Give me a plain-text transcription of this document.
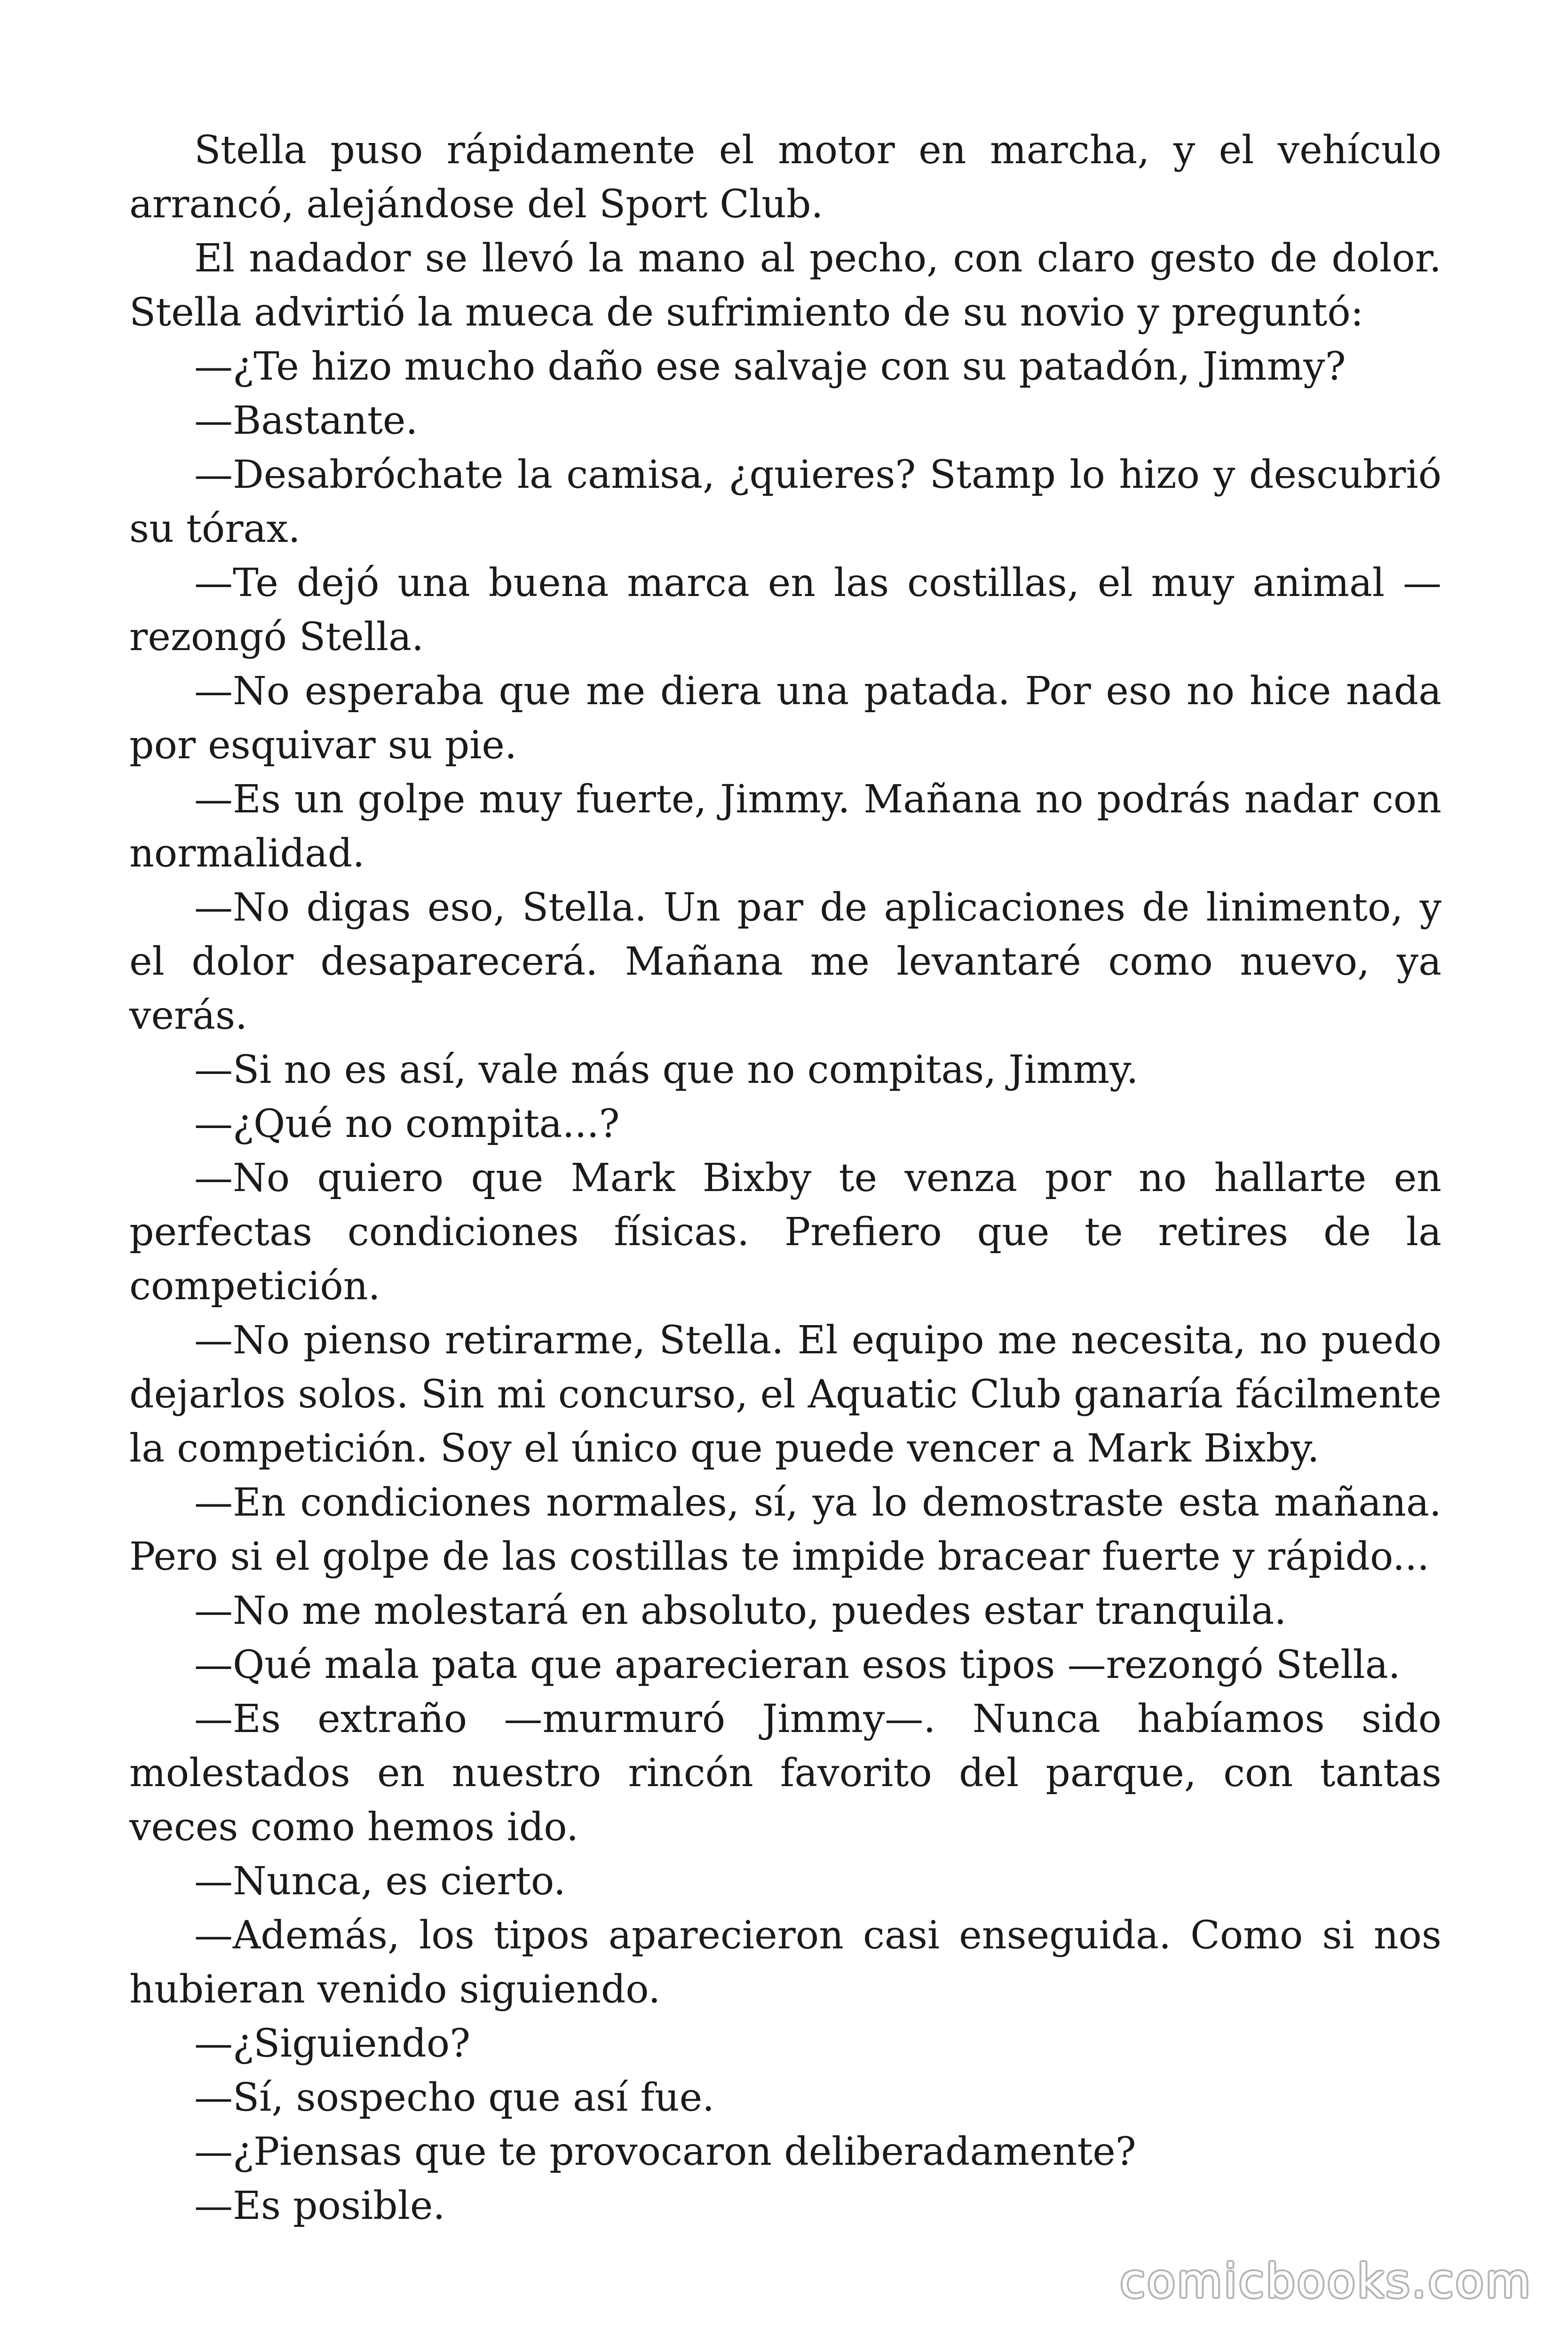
Stella puso rápidamente el motor en marcha, y el vehículo arrancó, alejándose del Sport Club.

El nadador se llevó la mano al pecho, con claro gesto de dolor. Stella advirtió la mueca de sufrimiento de su novio y preguntó:

—¿Te hizo mucho daño ese salvaje con su patadón, Jimmy?

—Bastante.

—Desabróchate la camisa, ¿quieres? Stamp lo hizo y descubrió su tórax.

—Te dejó una buena marca en las costillas, el muy animal —rezongó Stella.

—No esperaba que me diera una patada. Por eso no hice nada por esquivar su pie.

—Es un golpe muy fuerte, Jimmy. Mañana no podrás nadar con normalidad.

—No digas eso, Stella. Un par de aplicaciones de linimento, y el dolor desaparecerá. Mañana me levantaré como nuevo, ya verás.

—Si no es así, vale más que no compitas, Jimmy.

—¿Qué no compita...?

—No quiero que Mark Bixby te venza por no hallarte en perfectas condiciones físicas. Prefiero que te retires de la competición.

—No pienso retirarme, Stella. El equipo me necesita, no puedo dejarlos solos. Sin mi concurso, el Aquatic Club ganaría fácilmente la competición. Soy el único que puede vencer a Mark Bixby.

—En condiciones normales, sí, ya lo demostraste esta mañana. Pero si el golpe de las costillas te impide bracear fuerte y rápido...

—No me molestará en absoluto, puedes estar tranquila.

—Qué mala pata que aparecieran esos tipos —rezongó Stella.

—Es extraño —murmuró Jimmy—. Nunca habíamos sido molestados en nuestro rincón favorito del parque, con tantas veces como hemos ido.

—Nunca, es cierto.

—Además, los tipos aparecieron casi enseguida. Como si nos hubieran venido siguiendo.

—¿Siguiendo?

—Sí, sospecho que así fue.

—¿Piensas que te provocaron deliberadamente?

—Es posible.

comicbooks.com
